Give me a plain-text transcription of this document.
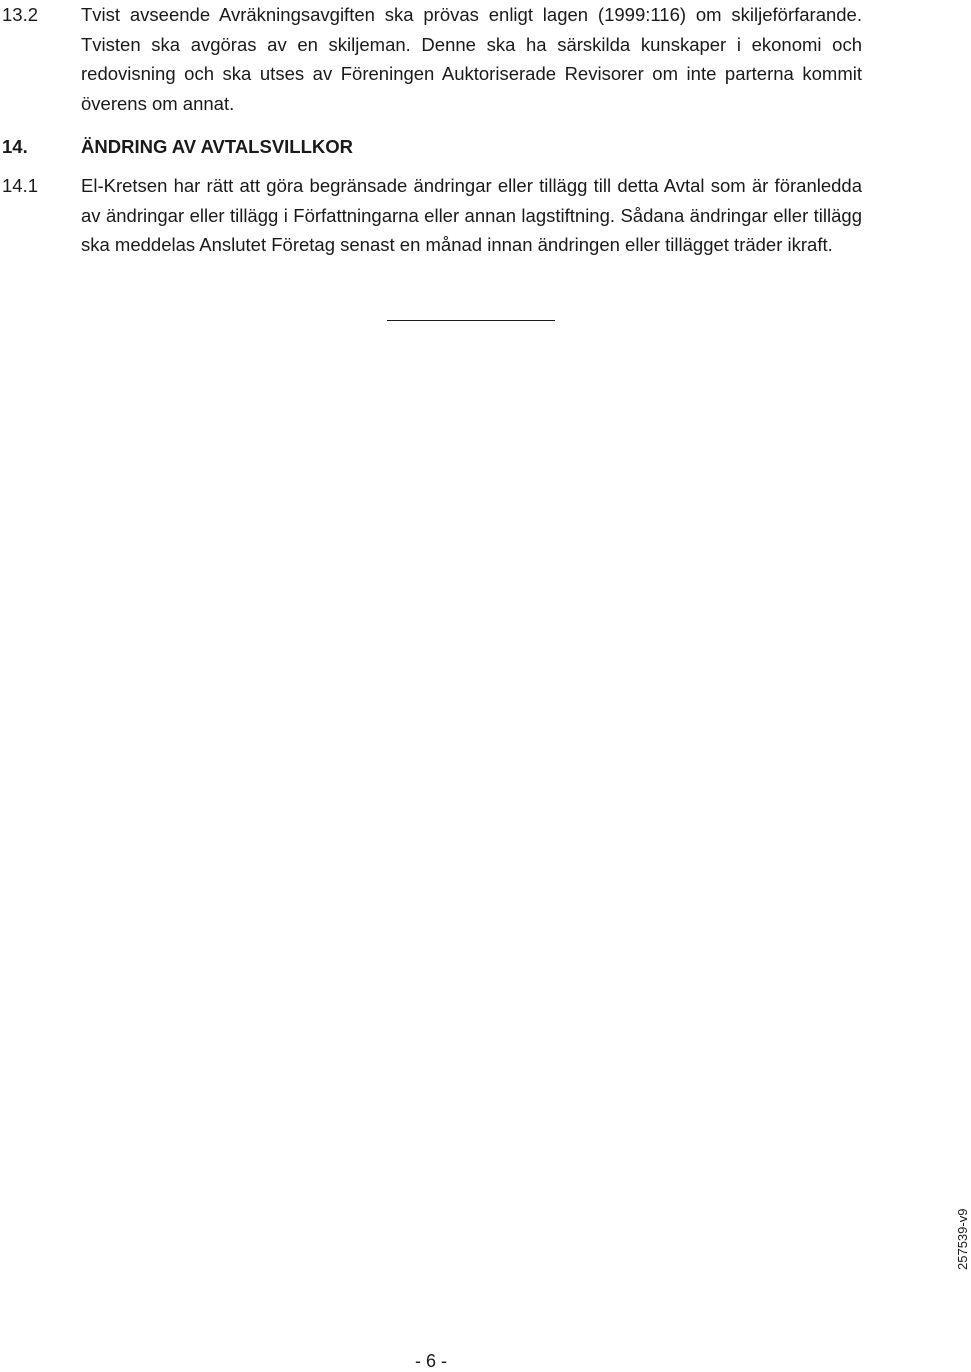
13.2 Tvist avseende Avräkningsavgiften ska prövas enligt lagen (1999:116) om skiljeförfarande. Tvisten ska avgöras av en skiljeman. Denne ska ha särskilda kunskaper i ekonomi och redovisning och ska utses av Föreningen Auktoriserade Revisorer om inte parterna kommit överens om annat.
14.	ÄNDRING AV AVTALSVILLKOR
14.1 El-Kretsen har rätt att göra begränsade ändringar eller tillägg till detta Avtal som är föranledda av ändringar eller tillägg i Författningarna eller annan lagstiftning. Sådana ändringar eller tillägg ska meddelas Anslutet Företag senast en månad innan ändringen eller tillägget träder ikraft.
257539-v9
- 6 -
